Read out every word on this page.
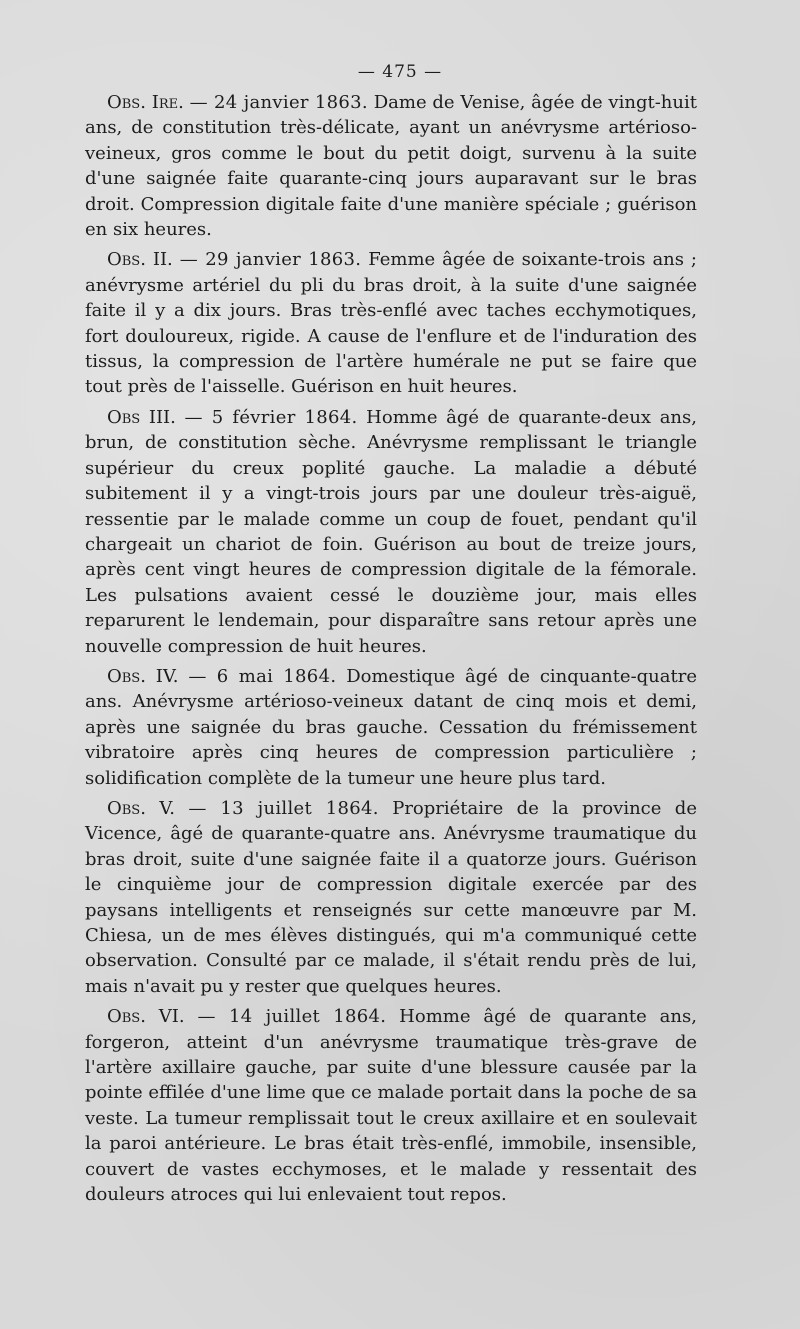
— 475 —

Obs. Ire. — 24 janvier 1863. Dame de Venise, âgée de vingt-huit ans, de constitution très-délicate, ayant un anévrysme artérioso-veineux, gros comme le bout du petit doigt, survenu à la suite d'une saignée faite quarante-cinq jours auparavant sur le bras droit. Compression digitale faite d'une manière spéciale ; guérison en six heures.

Obs. II. — 29 janvier 1863. Femme âgée de soixante-trois ans ; anévrysme artériel du pli du bras droit, à la suite d'une saignée faite il y a dix jours. Bras très-enflé avec taches ecchymotiques, fort douloureux, rigide. A cause de l'enflure et de l'induration des tissus, la compression de l'artère humérale ne put se faire que tout près de l'aisselle. Guérison en huit heures.

Obs III. — 5 février 1864. Homme âgé de quarante-deux ans, brun, de constitution sèche. Anévrysme remplissant le triangle supérieur du creux poplité gauche. La maladie a débuté subitement il y a vingt-trois jours par une douleur très-aiguë, ressentie par le malade comme un coup de fouet, pendant qu'il chargeait un chariot de foin. Guérison au bout de treize jours, après cent vingt heures de compression digitale de la fémorale. Les pulsations avaient cessé le douzième jour, mais elles reparurent le lendemain, pour disparaître sans retour après une nouvelle compression de huit heures.

Obs. IV. — 6 mai 1864. Domestique âgé de cinquante-quatre ans. Anévrysme artérioso-veineux datant de cinq mois et demi, après une saignée du bras gauche. Cessation du frémissement vibratoire après cinq heures de compression particulière ; solidification complète de la tumeur une heure plus tard.

Obs. V. — 13 juillet 1864. Propriétaire de la province de Vicence, âgé de quarante-quatre ans. Anévrysme traumatique du bras droit, suite d'une saignée faite il a quatorze jours. Guérison le cinquième jour de compression digitale exercée par des paysans intelligents et renseignés sur cette manœuvre par M. Chiesa, un de mes élèves distingués, qui m'a communiqué cette observation. Consulté par ce malade, il s'était rendu près de lui, mais n'avait pu y rester que quelques heures.

Obs. VI. — 14 juillet 1864. Homme âgé de quarante ans, forgeron, atteint d'un anévrysme traumatique très-grave de l'artère axillaire gauche, par suite d'une blessure causée par la pointe effilée d'une lime que ce malade portait dans la poche de sa veste. La tumeur remplissait tout le creux axillaire et en soulevait la paroi antérieure. Le bras était très-enflé, immobile, insensible, couvert de vastes ecchymoses, et le malade y ressentait des douleurs atroces qui lui enlevaient tout repos.
